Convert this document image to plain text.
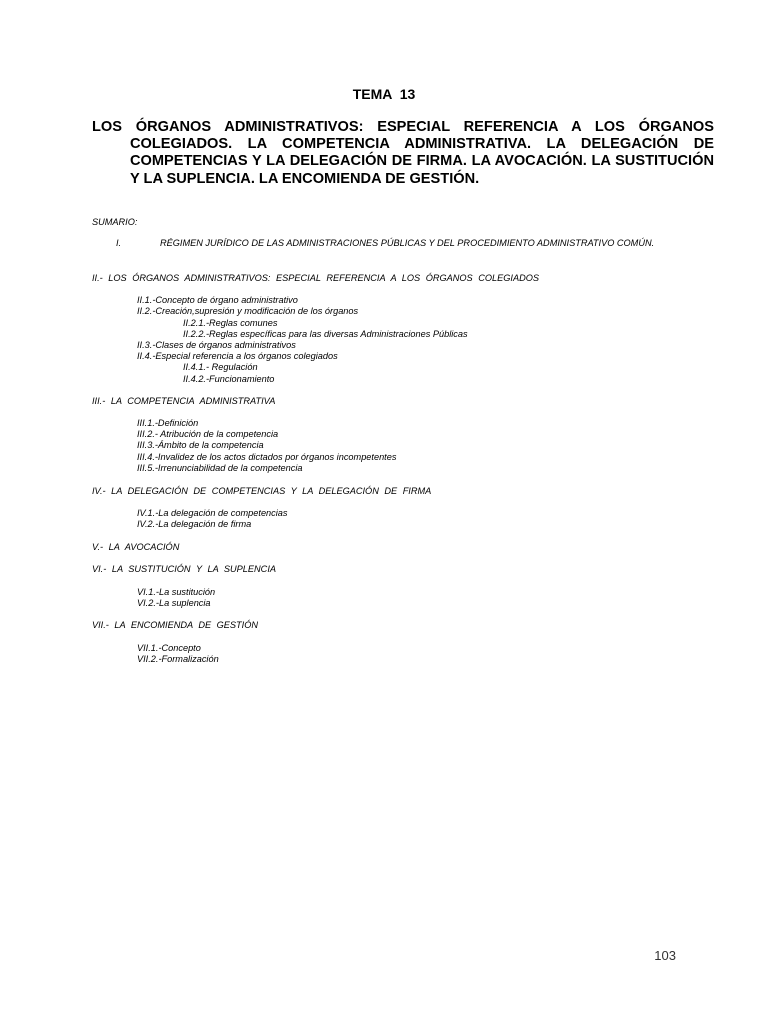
TEMA 13
LOS ÓRGANOS ADMINISTRATIVOS: ESPECIAL REFERENCIA A LOS ÓRGANOS COLEGIADOS. LA COMPETENCIA ADMINISTRATIVA. LA DELEGACIÓN DE COMPETENCIAS Y LA DELEGACIÓN DE FIRMA. LA AVOCACIÓN. LA SUSTITUCIÓN Y LA SUPLENCIA. LA ENCOMIENDA DE GESTIÓN.
SUMARIO:
I.	RÉGIMEN JURÍDICO DE LAS ADMINISTRACIONES PÚBLICAS Y DEL PROCEDIMIENTO ADMINISTRATIVO COMÚN.
II.- LOS ÓRGANOS ADMINISTRATIVOS: ESPECIAL REFERENCIA A LOS ÓRGANOS COLEGIADOS
II.1.-Concepto de órgano administrativo
II.2.-Creación,supresión y modificación de los órganos
II.2.1.-Reglas comunes
II.2.2.-Reglas específicas para las diversas Administraciones Públicas
II.3.-Clases de órganos administrativos
II.4.-Especial referencia a los órganos colegiados
II.4.1.- Regulación
II.4.2.-Funcionamiento
III.- LA COMPETENCIA ADMINISTRATIVA
III.1.-Definición
III.2.- Atribución de la competencia
III.3.-Ámbito de la competencia
III.4.-Invalidez de los actos dictados por órganos incompetentes
III.5.-Irrenunciabilidad de la competencia
IV.- LA DELEGACIÓN DE COMPETENCIAS Y LA DELEGACIÓN DE FIRMA
IV.1.-La delegación de competencias
IV.2.-La delegación de firma
V.- LA AVOCACIÓN
VI.- LA SUSTITUCIÓN Y LA SUPLENCIA
VI.1.-La sustitución
VI.2.-La suplencia
VII.- LA ENCOMIENDA DE GESTIÓN
VII.1.-Concepto
VII.2.-Formalización
103
